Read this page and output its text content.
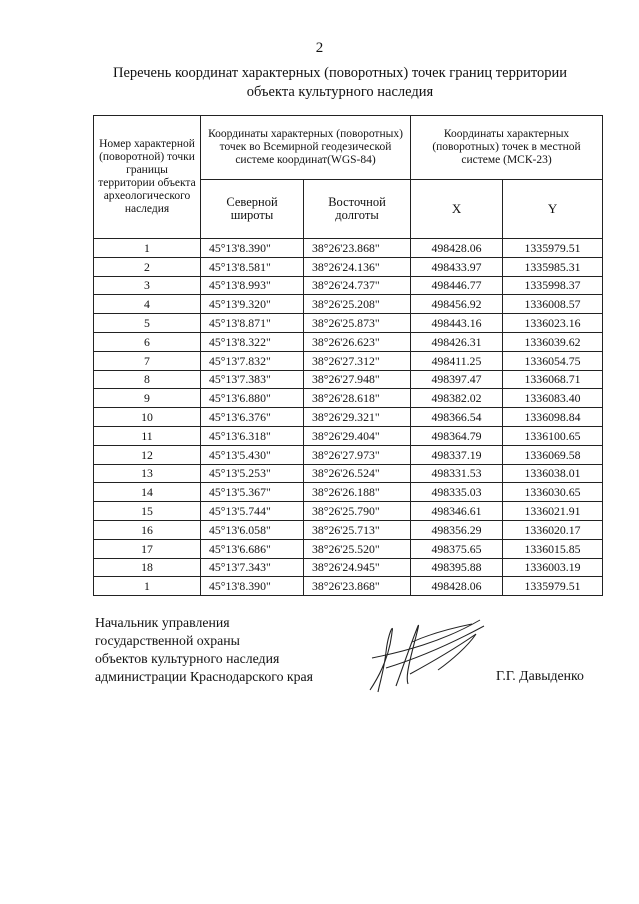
2
Перечень координат характерных (поворотных) точек границ территории
объекта культурного наследия
Номер характерной (поворотной) точки границы территории объекта археологического наследия	Координаты характерных (поворотных) точек во Всемирной геодезической системе координат(WGS-84)		Координаты характерных (поворотных) точек в местной системе (МСК-23)	
	Северной широты	Восточной долготы	X	Y
1	45°13'8.390"	38°26'23.868"	498428.06	1335979.51
2	45°13'8.581"	38°26'24.136"	498433.97	1335985.31
3	45°13'8.993"	38°26'24.737"	498446.77	1335998.37
4	45°13'9.320"	38°26'25.208"	498456.92	1336008.57
5	45°13'8.871"	38°26'25.873"	498443.16	1336023.16
6	45°13'8.322"	38°26'26.623"	498426.31	1336039.62
7	45°13'7.832"	38°26'27.312"	498411.25	1336054.75
8	45°13'7.383"	38°26'27.948"	498397.47	1336068.71
9	45°13'6.880"	38°26'28.618"	498382.02	1336083.40
10	45°13'6.376"	38°26'29.321"	498366.54	1336098.84
11	45°13'6.318"	38°26'29.404"	498364.79	1336100.65
12	45°13'5.430"	38°26'27.973"	498337.19	1336069.58
13	45°13'5.253"	38°26'26.524"	498331.53	1336038.01
14	45°13'5.367"	38°26'26.188"	498335.03	1336030.65
15	45°13'5.744"	38°26'25.790"	498346.61	1336021.91
16	45°13'6.058"	38°26'25.713"	498356.29	1336020.17
17	45°13'6.686"	38°26'25.520"	498375.65	1336015.85
18	45°13'7.343"	38°26'24.945"	498395.88	1336003.19
1	45°13'8.390"	38°26'23.868"	498428.06	1335979.51
Начальник управления
государственной охраны
объектов культурного наследия
администрации Краснодарского края	Г.Г. Давыденко
